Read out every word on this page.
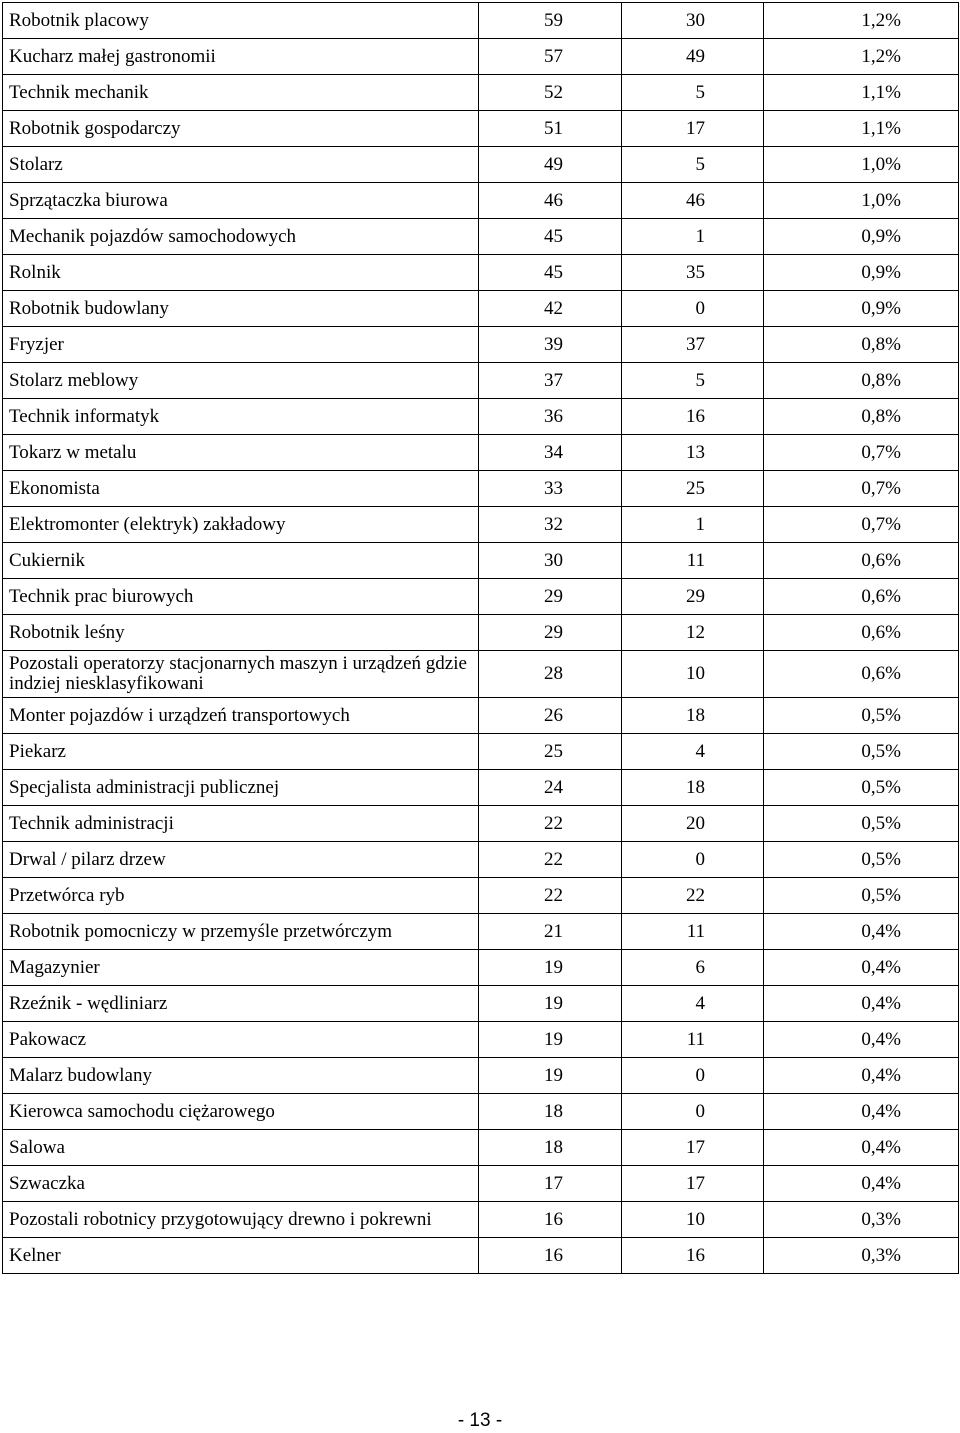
Robotnik placowy	59	30	1,2%
Kucharz małej gastronomii	57	49	1,2%
Technik mechanik	52	5	1,1%
Robotnik gospodarczy	51	17	1,1%
Stolarz	49	5	1,0%
Sprzątaczka biurowa	46	46	1,0%
Mechanik pojazdów samochodowych	45	1	0,9%
Rolnik	45	35	0,9%
Robotnik budowlany	42	0	0,9%
Fryzjer	39	37	0,8%
Stolarz meblowy	37	5	0,8%
Technik informatyk	36	16	0,8%
Tokarz w metalu	34	13	0,7%
Ekonomista	33	25	0,7%
Elektromonter (elektryk) zakładowy	32	1	0,7%
Cukiernik	30	11	0,6%
Technik prac biurowych	29	29	0,6%
Robotnik leśny	29	12	0,6%
Pozostali operatorzy stacjonarnych maszyn i urządzeń gdzie indziej niesklasyfikowani	28	10	0,6%
Monter pojazdów i urządzeń transportowych	26	18	0,5%
Piekarz	25	4	0,5%
Specjalista administracji publicznej	24	18	0,5%
Technik administracji	22	20	0,5%
Drwal / pilarz drzew	22	0	0,5%
Przetwórca ryb	22	22	0,5%
Robotnik pomocniczy w przemyśle przetwórczym	21	11	0,4%
Magazynier	19	6	0,4%
Rzeźnik - wędliniarz	19	4	0,4%
Pakowacz	19	11	0,4%
Malarz budowlany	19	0	0,4%
Kierowca samochodu ciężarowego	18	0	0,4%
Salowa	18	17	0,4%
Szwaczka	17	17	0,4%
Pozostali robotnicy przygotowujący drewno i pokrewni	16	10	0,3%
Kelner	16	16	0,3%
- 13 -
